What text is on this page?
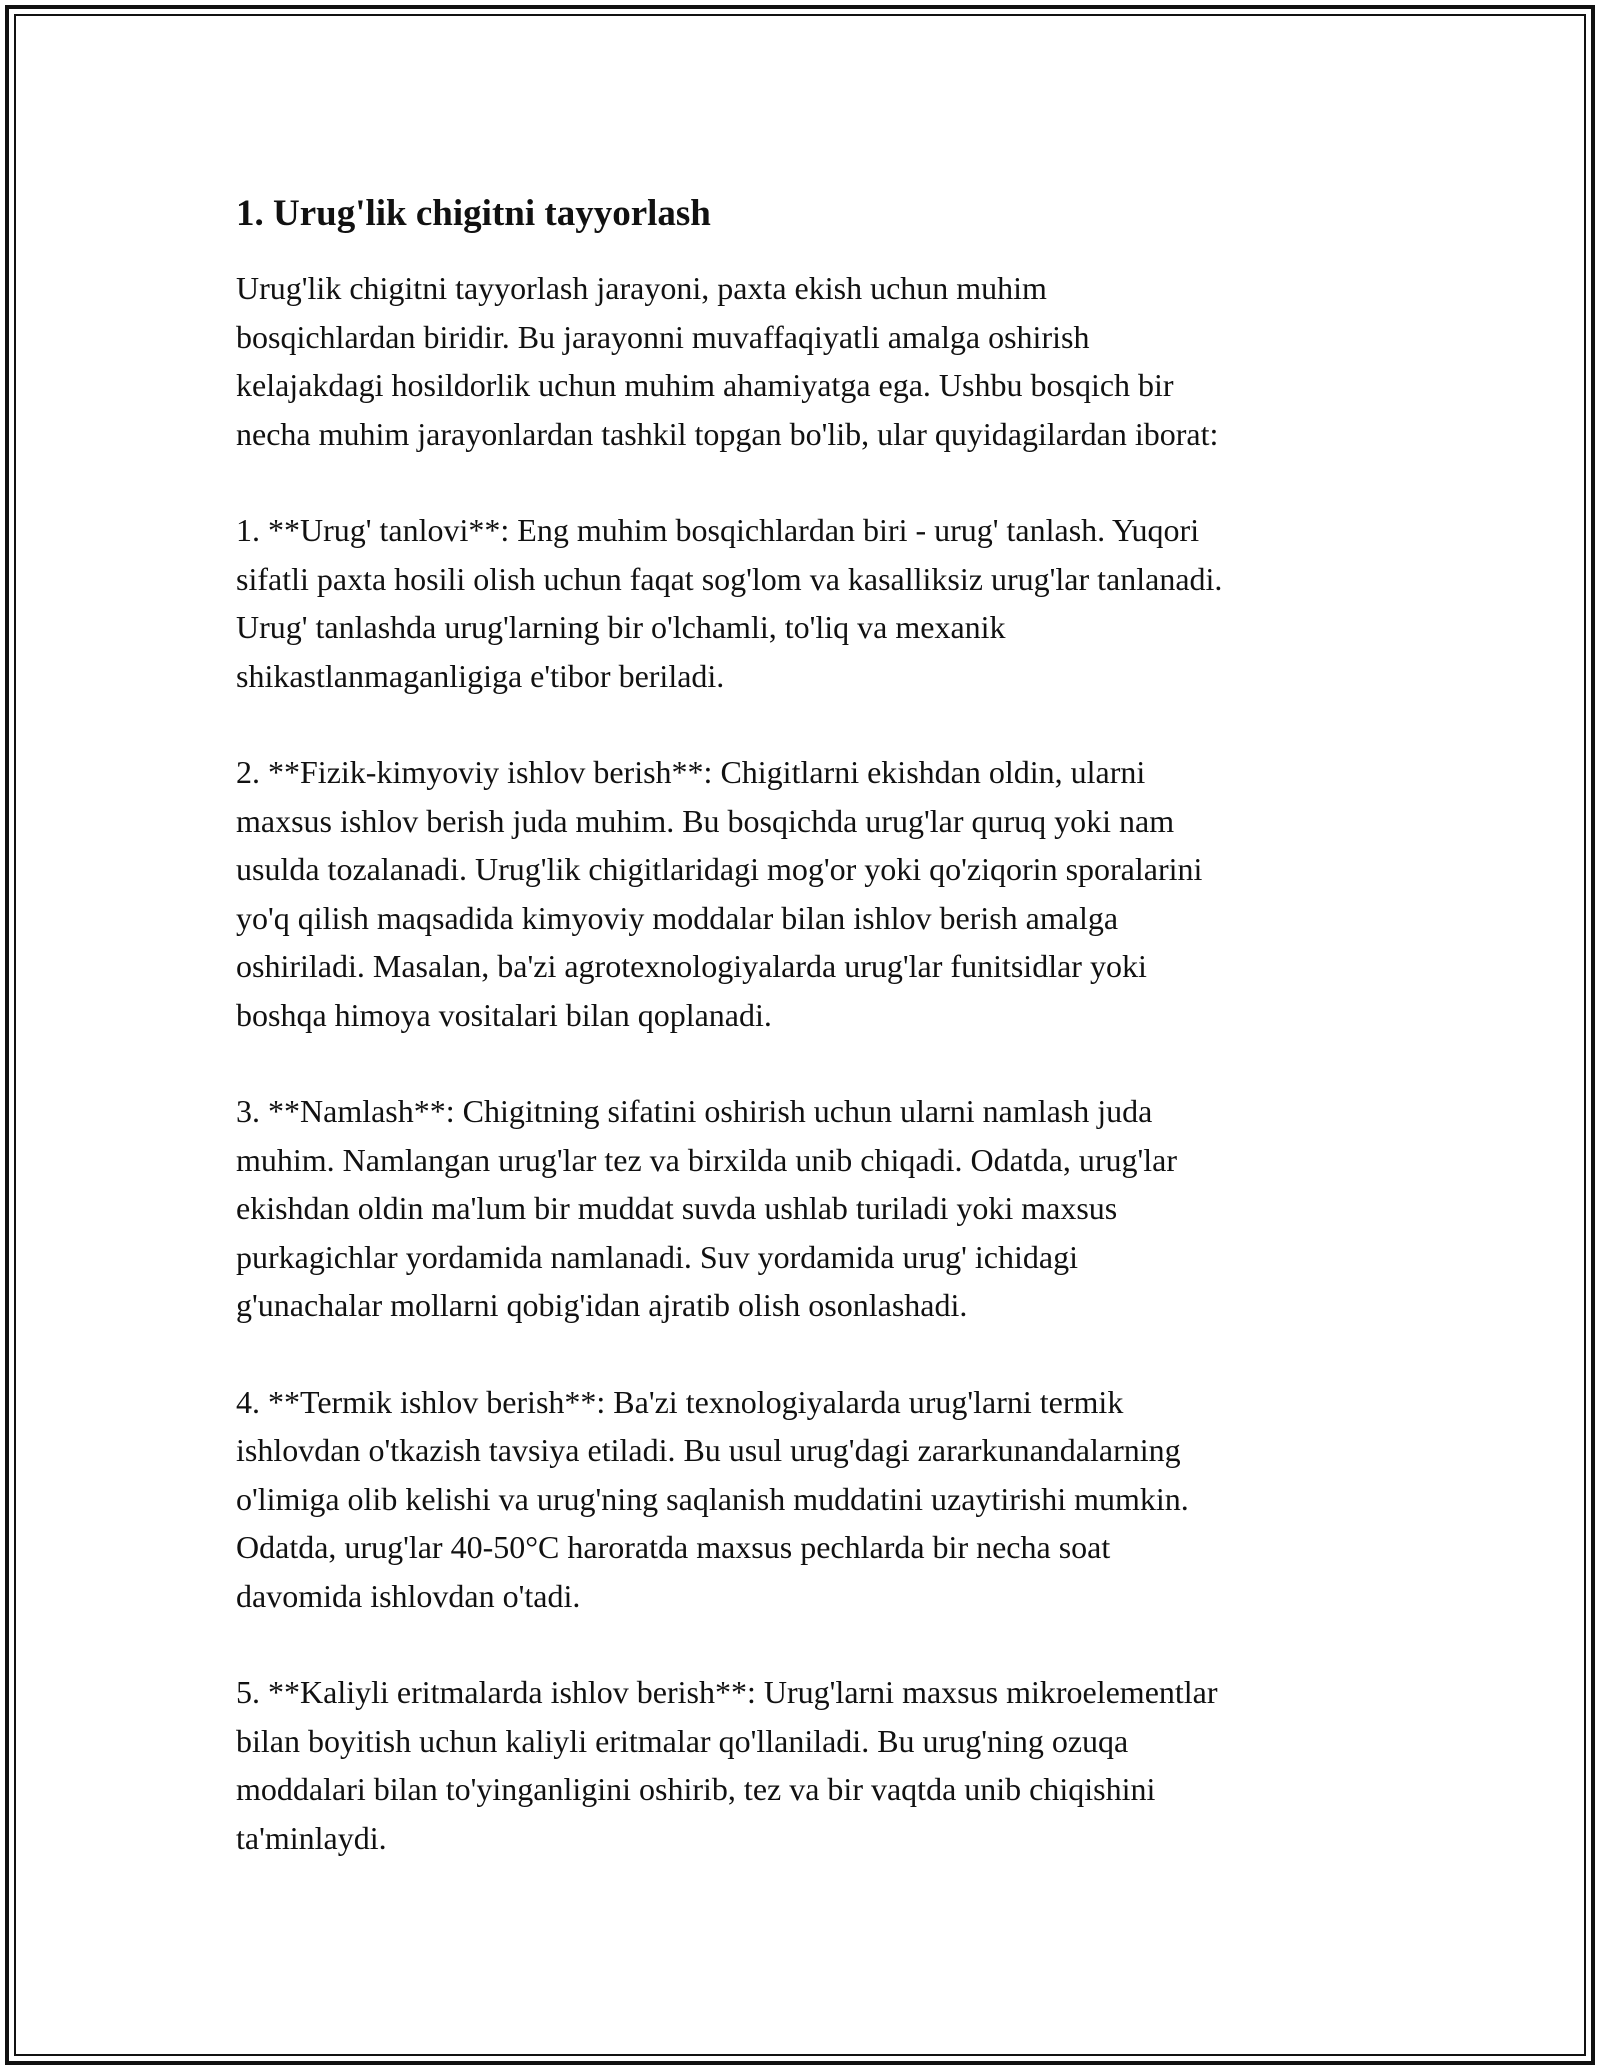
1. Urug'lik chigitni tayyorlash

Urug'lik chigitni tayyorlash jarayoni, paxta ekish uchun muhim
bosqichlardan biridir. Bu jarayonni muvaffaqiyatli amalga oshirish
kelajakdagi hosildorlik uchun muhim ahamiyatga ega. Ushbu bosqich bir
necha muhim jarayonlardan tashkil topgan bo'lib, ular quyidagilardan iborat:

1. **Urug' tanlovi**: Eng muhim bosqichlardan biri - urug' tanlash. Yuqori
sifatli paxta hosili olish uchun faqat sog'lom va kasalliksiz urug'lar tanlanadi.
Urug' tanlashda urug'larning bir o'lchamli, to'liq va mexanik
shikastlanmaganligiga e'tibor beriladi.

2. **Fizik-kimyoviy ishlov berish**: Chigitlarni ekishdan oldin, ularni
maxsus ishlov berish juda muhim. Bu bosqichda urug'lar quruq yoki nam
usulda tozalanadi. Urug'lik chigitlaridagi mog'or yoki qo'ziqorin sporalarini
yo'q qilish maqsadida kimyoviy moddalar bilan ishlov berish amalga
oshiriladi. Masalan, ba'zi agrotexnologiyalarda urug'lar funitsidlar yoki
boshqa himoya vositalari bilan qoplanadi.

3. **Namlash**: Chigitning sifatini oshirish uchun ularni namlash juda
muhim. Namlangan urug'lar tez va birxilda unib chiqadi. Odatda, urug'lar
ekishdan oldin ma'lum bir muddat suvda ushlab turiladi yoki maxsus
purkagichlar yordamida namlanadi. Suv yordamida urug' ichidagi
g'unachalar mollarni qobig'idan ajratib olish osonlashadi.

4. **Termik ishlov berish**: Ba'zi texnologiyalarda urug'larni termik
ishlovdan o'tkazish tavsiya etiladi. Bu usul urug'dagi zararkunandalarning
o'limiga olib kelishi va urug'ning saqlanish muddatini uzaytirishi mumkin.
Odatda, urug'lar 40-50°C haroratda maxsus pechlarda bir necha soat
davomida ishlovdan o'tadi.

5. **Kaliyli eritmalarda ishlov berish**: Urug'larni maxsus mikroelementlar
bilan boyitish uchun kaliyli eritmalar qo'llaniladi. Bu urug'ning ozuqa
moddalari bilan to'yinganligini oshirib, tez va bir vaqtda unib chiqishini
ta'minlaydi.
